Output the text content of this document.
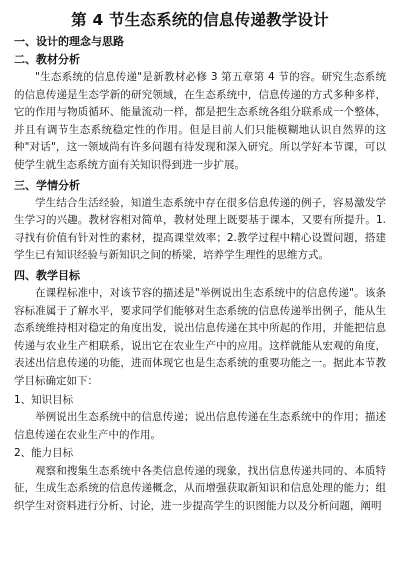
第 4 节生态系统的信息传递教学设计
一、设计的理念与思路
二、教材分析
"生态系统的信息传递"是新教材必修 3 第五章第 4 节的容。研究生态系统的信息传递是生态学新的研究领域，在生态系统中，信息传递的方式多种多样，它的作用与物质循环、能量流动一样，都是把生态系统各组分联系成一个整体，并且有调节生态系统稳定性的作用。但是目前人们只能模糊地认识自然界的这种"对话"，这一领域尚有许多问题有待发现和深入研究。所以学好本节课，可以使学生就生态系统方面有关知识得到进一步扩展。
三、学情分析
学生结合生活经验，知道生态系统中存在很多信息传递的例子，容易激发学生学习的兴趣。教材容相对简单，教材处理上既要基于课本，又要有所提升。1.寻找有价值有针对性的素材，提高课堂效率；2.教学过程中精心设置问题，搭建学生已有知识经验与新知识之间的桥梁，培养学生理性的思维方式。
四、教学目标
在课程标准中，对该节容的描述是"举例说出生态系统中的信息传递"。该条容标准属于了解水平，要求同学们能够对生态系统的信息传递举出例子，能从生态系统维持相对稳定的角度出发，说出信息传递在其中所起的作用，并能把信息传递与农业生产相联系，说出它在农业生产中的应用。这样就能从宏观的角度，表述出信息传递的功能，进而体现它也是生态系统的重要功能之一。据此本节教学目标确定如下：
1、知识目标
举例说出生态系统中的信息传递；说出信息传递在生态系统中的作用；描述信息传递在农业生产中的作用。
2、能力目标
观察和搜集生态系统中各类信息传递的现象，找出信息传递共同的、本质特征，生成生态系统的信息传递概念，从而增强获取新知识和信息处理的能力；组织学生对资料进行分析、讨论，进一步提高学生的识图能力以及分析问题，阐明
